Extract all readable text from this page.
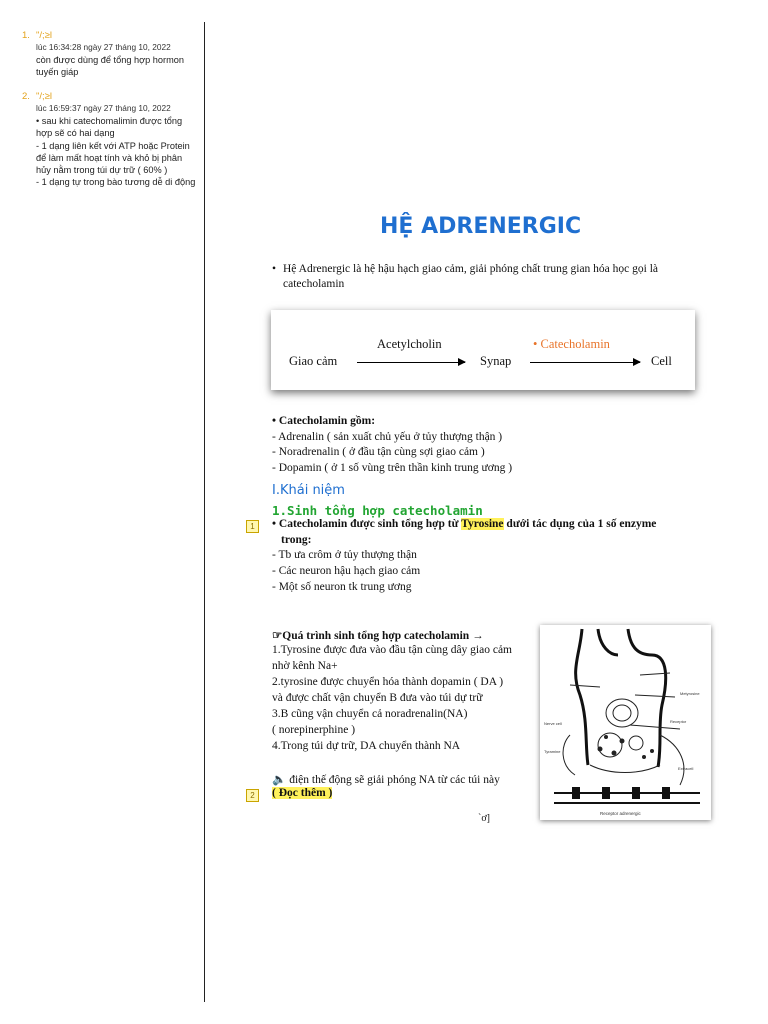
1. "/;≥l
lúc 16:34:28 ngày 27 tháng 10, 2022
còn được dùng để tổng hợp hormon tuyến giáp
2. "/;≥l
lúc 16:59:37 ngày 27 tháng 10, 2022
• sau khi catechomalimin được tổng hợp sẽ có hai dạng
- 1 dạng liên kết với ATP hoặc Protein để làm mất hoạt tính và khỏ bị phân hủy nằm trong túi dự trữ ( 60% )
- 1 dạng tự trong bào tương dễ di động
HỆ ADRENERGIC
• Hệ Adrenergic là hệ hậu hạch giao cảm, giải phóng chất trung gian hóa học gọi là catecholamin
Giao cảm
Acetylcholin
Synap
• Catecholamin
Cell
• Catecholamin gồm:
- Adrenalin ( sản xuất chủ yếu ở tủy thượng thận )
- Noradrenalin ( ở đầu tận cùng sợi giao cảm )
- Dopamin ( ở 1 số vùng trên thần kinh trung ương )
I.Khái niệm
1.Sinh tổng hợp catecholamin
1	• Catecholamin được sinh tổng hợp từ Tyrosine dưới tác dụng của 1 số enzyme
trong:
- Tb ưa crôm ở tủy thượng thận
- Các neuron hậu hạch giao cảm
- Một số neuron tk trung ương
☞Quá trình sinh tổng hợp catecholamin →
1.Tyrosine được đưa vào đầu tận cùng dây giao cảm
nhờ kênh Na+
2.tyrosine được chuyển hóa thành dopamin ( DA )
và được chất vận chuyển B đưa vào túi dự trữ
3.B cũng vận chuyển cả noradrenalin(NA)
( norepinerphine )
4.Trong túi dự trữ, DA chuyển thành NA
🔈 điện thế động sẽ giải phóng NA từ các túi này
2	( Đọc thêm )
`ơ]
Metyrosine
Receptor
Nerve cell
Tyramine
Extracell
Receptor adrenergic
